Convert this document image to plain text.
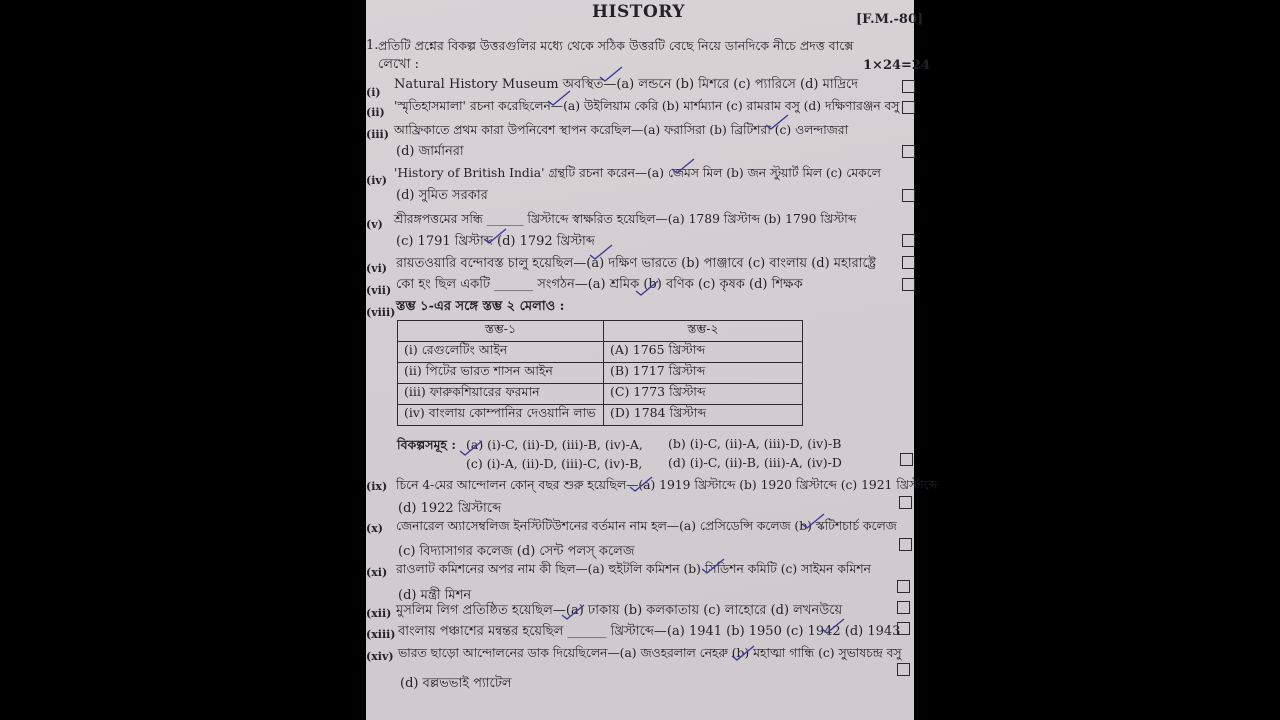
HISTORY	[F.M.-80]
1. প্রতিটি প্রশ্নের বিকল্প উত্তরগুলির মধ্যে থেকে সঠিক উত্তরটি বেছে নিয়ে ডানদিকে নীচে প্রদত্ত বাক্সে
লেখো :	1×24=24
(i)
Natural History Museum অবস্থিত—(a) লন্ডনে (b) মিশরে (c) প্যারিসে (d) মাদ্রিদে
(ii) 'স্মৃতিহাসমালা' রচনা করেছিলেন—(a) উইলিয়াম কেরি (b) মার্শম্যান (c) রামরাম বসু (d) দক্ষিণারঞ্জন বসু
(iii) আফ্রিকাতে প্রথম কারা উপনিবেশ স্থাপন করেছিল—(a) ফরাসিরা (b) ব্রিটিশরা (c) ওলন্দাজরা
(d) জার্মানরা
(iv)
'History of British India' গ্রন্থটি রচনা করেন—(a) জেমস মিল (b) জন স্টুয়ার্ট মিল (c) মেকলে
(d) সুমিত সরকার
(v) শ্রীরঙ্গপত্তমের সন্ধি ______ খ্রিস্টাব্দে স্বাক্ষরিত হয়েছিল—(a) 1789 খ্রিস্টাব্দ (b) 1790 খ্রিস্টাব্দ
(c) 1791 খ্রিস্টাব্দ (d) 1792 খ্রিস্টাব্দ
(vi) রায়তওয়ারি বন্দোবস্ত চালু হয়েছিল—(a) দক্ষিণ ভারতে (b) পাঞ্জাবে (c) বাংলায় (d) মহারাষ্ট্রে
(vii) কো হং ছিল একটি ______ সংগঠন—(a) শ্রমিক (b) বণিক (c) কৃষক (d) শিক্ষক
(viii) স্তম্ভ ১-এর সঙ্গে স্তম্ভ ২ মেলাও :
স্তম্ভ-১	স্তম্ভ-২
(i) রেগুলেটিং আইন	(A) 1765 খ্রিস্টাব্দ
(ii) পিটের ভারত শাসন আইন	(B) 1717 খ্রিস্টাব্দ
(iii) ফারুকশিয়ারের ফরমান	(C) 1773 খ্রিস্টাব্দ
(iv) বাংলায় কোম্পানির দেওয়ানি লাভ	(D) 1784 খ্রিস্টাব্দ
বিকল্পসমূহ : (a) (i)-C, (ii)-D, (iii)-B, (iv)-A, (b) (i)-C, (ii)-A, (iii)-D, (iv)-B
(c) (i)-A, (ii)-D, (iii)-C, (iv)-B, (d) (i)-C, (ii)-B, (iii)-A, (iv)-D
(ix) চিনে 4-মের আন্দোলন কোন্ বছর শুরু হয়েছিল—(a) 1919 খ্রিস্টাব্দে (b) 1920 খ্রিস্টাব্দে (c) 1921 খ্রিস্টাব্দে
(d) 1922 খ্রিস্টাব্দে
(x) জেনারেল অ্যাসেম্বলিজ ইনস্টিটিউশনের বর্তমান নাম হল—(a) প্রেসিডেন্সি কলেজ (b) স্কটিশচার্চ কলেজ
(c) বিদ্যাসাগর কলেজ (d) সেন্ট পলস্ কলেজ
(xi) রাওলাট কমিশনের অপর নাম কী ছিল—(a) হুইটলি কমিশন (b) সিডিশন কমিটি (c) সাইমন কমিশন
(d) মন্ত্রী মিশন
(xii) মুসলিম লিগ প্রতিষ্ঠিত হয়েছিল—(a) ঢাকায় (b) কলকাতায় (c) লাহোরে (d) লখনউয়ে
(xiii) বাংলায় পঞ্চাশের মন্বন্তর হয়েছিল ______ খ্রিস্টাব্দে—(a) 1941 (b) 1950 (c) 1942 (d) 1943
(xiv) ভারত ছাড়ো আন্দোলনের ডাক দিয়েছিলেন—(a) জওহরলাল নেহরু (b) মহাত্মা গান্ধি (c) সুভাষচন্দ্র বসু
(d) বল্লভভাই প্যাটেল
